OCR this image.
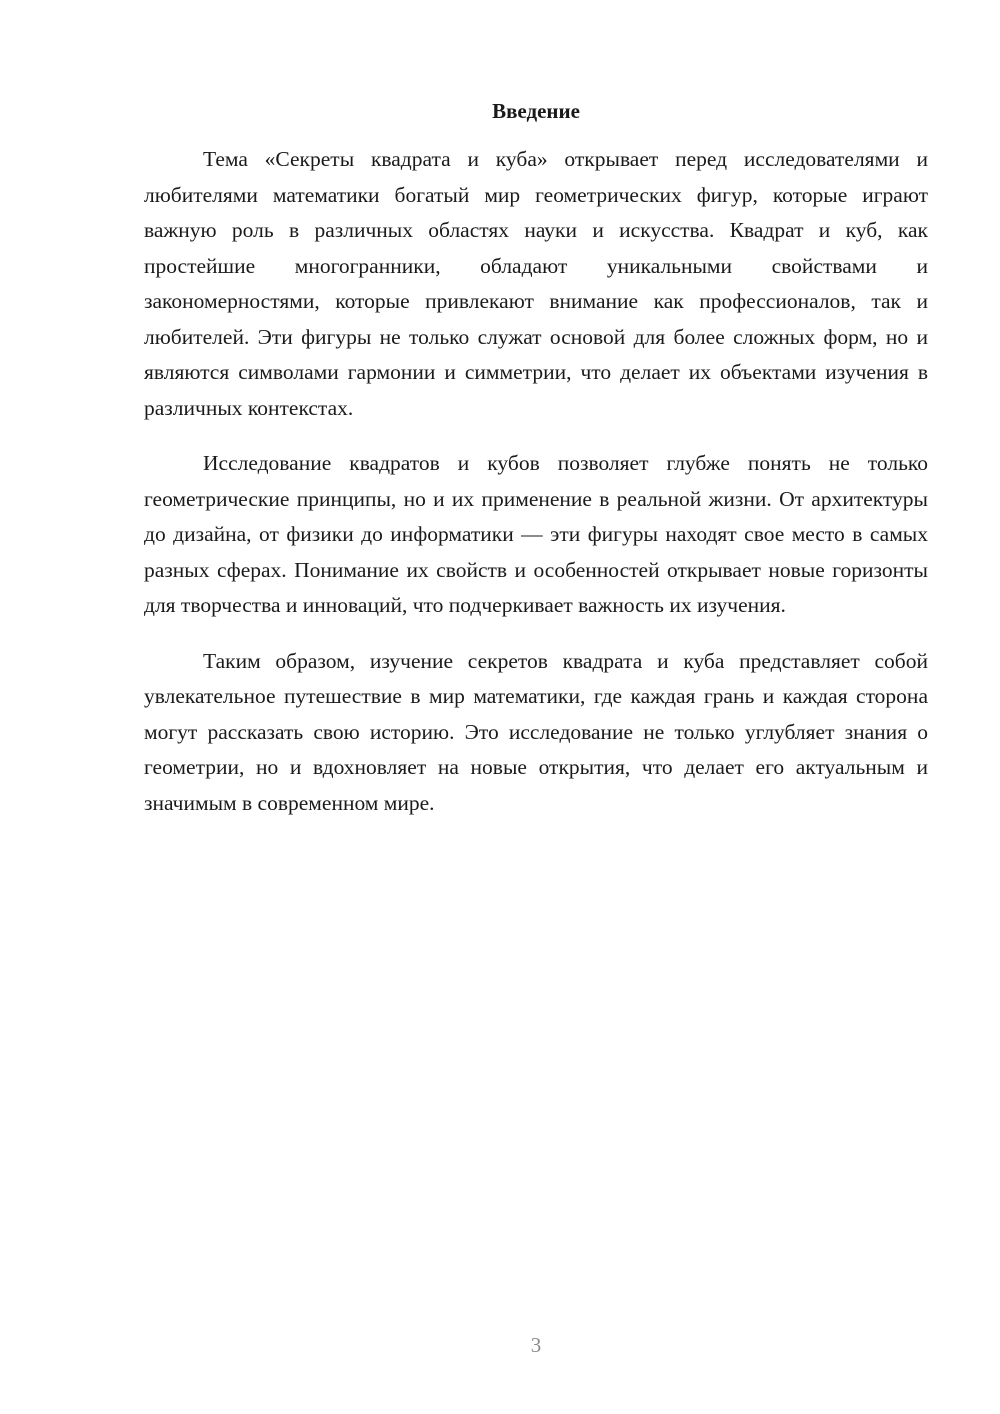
Введение

Тема «Секреты квадрата и куба» открывает перед исследователями и любителями математики богатый мир геометрических фигур, которые играют важную роль в различных областях науки и искусства. Квадрат и куб, как простейшие многогранники, обладают уникальными свойствами и закономерностями, которые привлекают внимание как профессионалов, так и любителей. Эти фигуры не только служат основой для более сложных форм, но и являются символами гармонии и симметрии, что делает их объектами изучения в различных контекстах.

Исследование квадратов и кубов позволяет глубже понять не только геометрические принципы, но и их применение в реальной жизни. От архитектуры до дизайна, от физики до информатики — эти фигуры находят свое место в самых разных сферах. Понимание их свойств и особенностей открывает новые горизонты для творчества и инноваций, что подчеркивает важность их изучения.

Таким образом, изучение секретов квадрата и куба представляет собой увлекательное путешествие в мир математики, где каждая грань и каждая сторона могут рассказать свою историю. Это исследование не только углубляет знания о геометрии, но и вдохновляет на новые открытия, что делает его актуальным и значимым в современном мире.

3
